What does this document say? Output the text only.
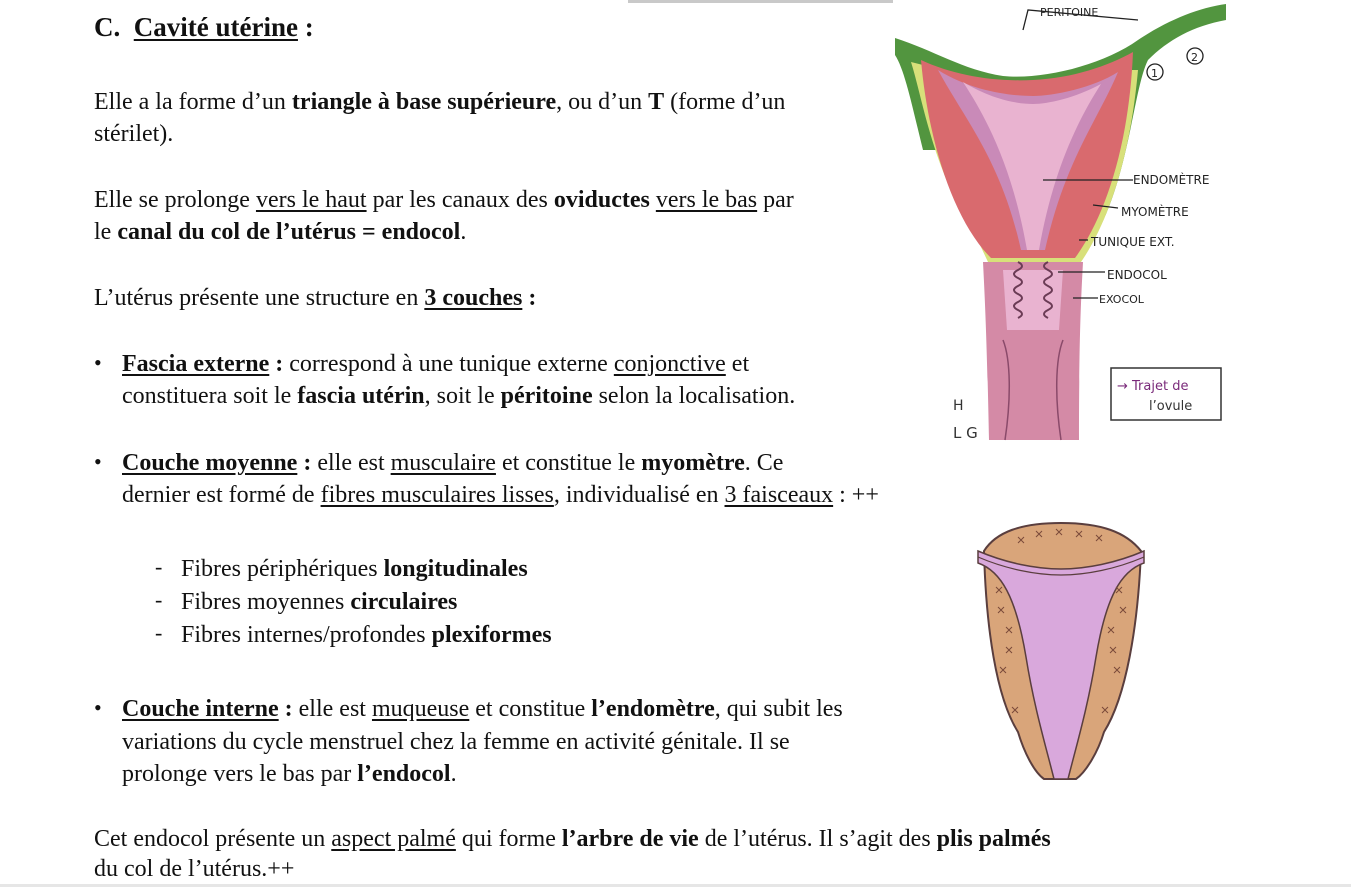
C. Cavité utérine :
Elle a la forme d’un triangle à base supérieure, ou d’un T (forme d’un
stérilet).
Elle se prolonge vers le haut par les canaux des oviductes vers le bas par
le canal du col de l’utérus = endocol.
L’utérus présente une structure en 3 couches :
• Fascia externe : correspond à une tunique externe conjonctive et
constituera soit le fascia utérin, soit le péritoine selon la localisation.
• Couche moyenne : elle est musculaire et constitue le myomètre. Ce
dernier est formé de fibres musculaires lisses, individualisé en 3 faisceaux : ++
- Fibres périphériques longitudinales
- Fibres moyennes circulaires
- Fibres internes/profondes plexiformes
• Couche interne : elle est muqueuse et constitue l’endomètre, qui subit les
variations du cycle menstruel chez la femme en activité génitale. Il se
prolonge vers le bas par l’endocol.
Cet endocol présente un aspect palmé qui forme l’arbre de vie de l’utérus. Il s’agit des plis palmés
du col de l’utérus.++
PERITOINE
1
2
ENDOMÈTRE
MYOMÈTRE
TUNIQUE EXT.
ENDOCOL
EXOCOL
→ Trajet de
l’ovule
H
L G
